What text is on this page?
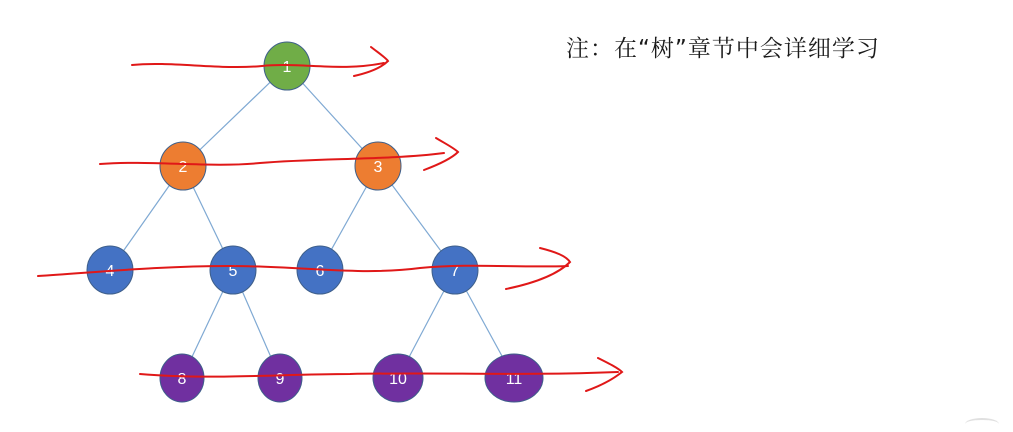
1
2	3
4	5	6	7
8	9	10	11
注：在“树”章节中会详细学习
